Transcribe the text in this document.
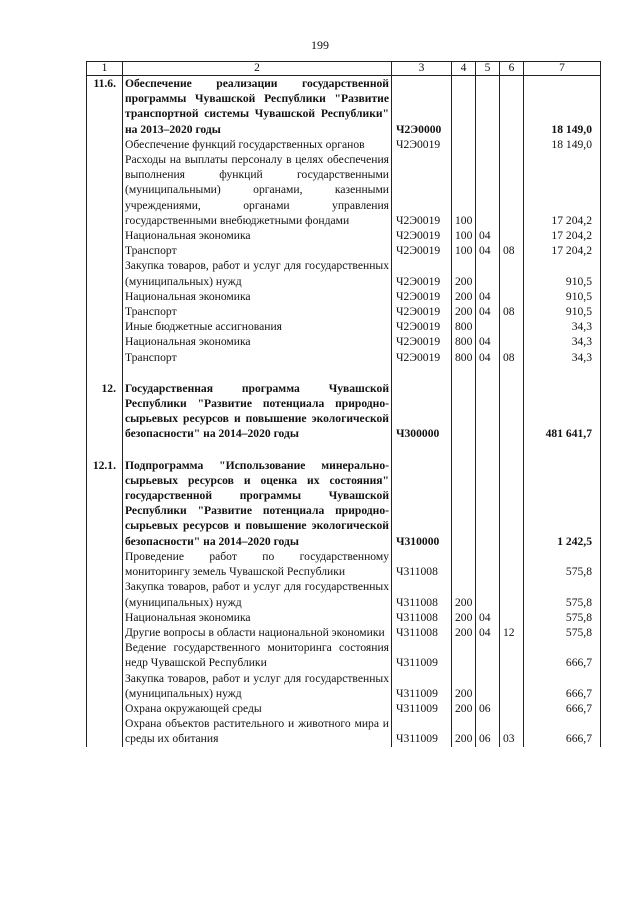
199
1	2	3	4	5	6	7
11.6.	Обеспечение реализации государственной программы Чувашской Республики "Развитие транспортной системы Чувашской Республики" на 2013–2020 годы	Ч2Э0000				18 149,0
	Обеспечение функций государственных органов	Ч2Э0019				18 149,0
	Расходы на выплаты персоналу в целях обеспечения выполнения функций государственными (муниципальными) органами, казенными учреждениями, органами управления государственными внебюджетными фондами	Ч2Э0019	100			17 204,2
	Национальная экономика	Ч2Э0019	100	04		17 204,2
	Транспорт	Ч2Э0019	100	04	08	17 204,2
	Закупка товаров, работ и услуг для государственных (муниципальных) нужд	Ч2Э0019	200			910,5
	Национальная экономика	Ч2Э0019	200	04		910,5
	Транспорт	Ч2Э0019	200	04	08	910,5
	Иные бюджетные ассигнования	Ч2Э0019	800			34,3
	Национальная экономика	Ч2Э0019	800	04		34,3
	Транспорт	Ч2Э0019	800	04	08	34,3

12.	Государственная программа Чувашской Республики "Развитие потенциала природно-сырьевых ресурсов и повышение экологической безопасности" на 2014–2020 годы	Ч300000				481 641,7

12.1.	Подпрограмма "Использование минерально-сырьевых ресурсов и оценка их состояния" государственной программы Чувашской Республики "Развитие потенциала природно-сырьевых ресурсов и повышение экологической безопасности" на 2014–2020 годы	Ч310000				1 242,5
	Проведение работ по государственному мониторингу земель Чувашской Республики	Ч311008				575,8
	Закупка товаров, работ и услуг для государственных (муниципальных) нужд	Ч311008	200			575,8
	Национальная экономика	Ч311008	200	04		575,8
	Другие вопросы в области национальной экономики	Ч311008	200	04	12	575,8
	Ведение государственного мониторинга состояния недр Чувашской Республики	Ч311009				666,7
	Закупка товаров, работ и услуг для государственных (муниципальных) нужд	Ч311009	200			666,7
	Охрана окружающей среды	Ч311009	200	06		666,7
	Охрана объектов растительного и животного мира и среды их обитания	Ч311009	200	06	03	666,7
